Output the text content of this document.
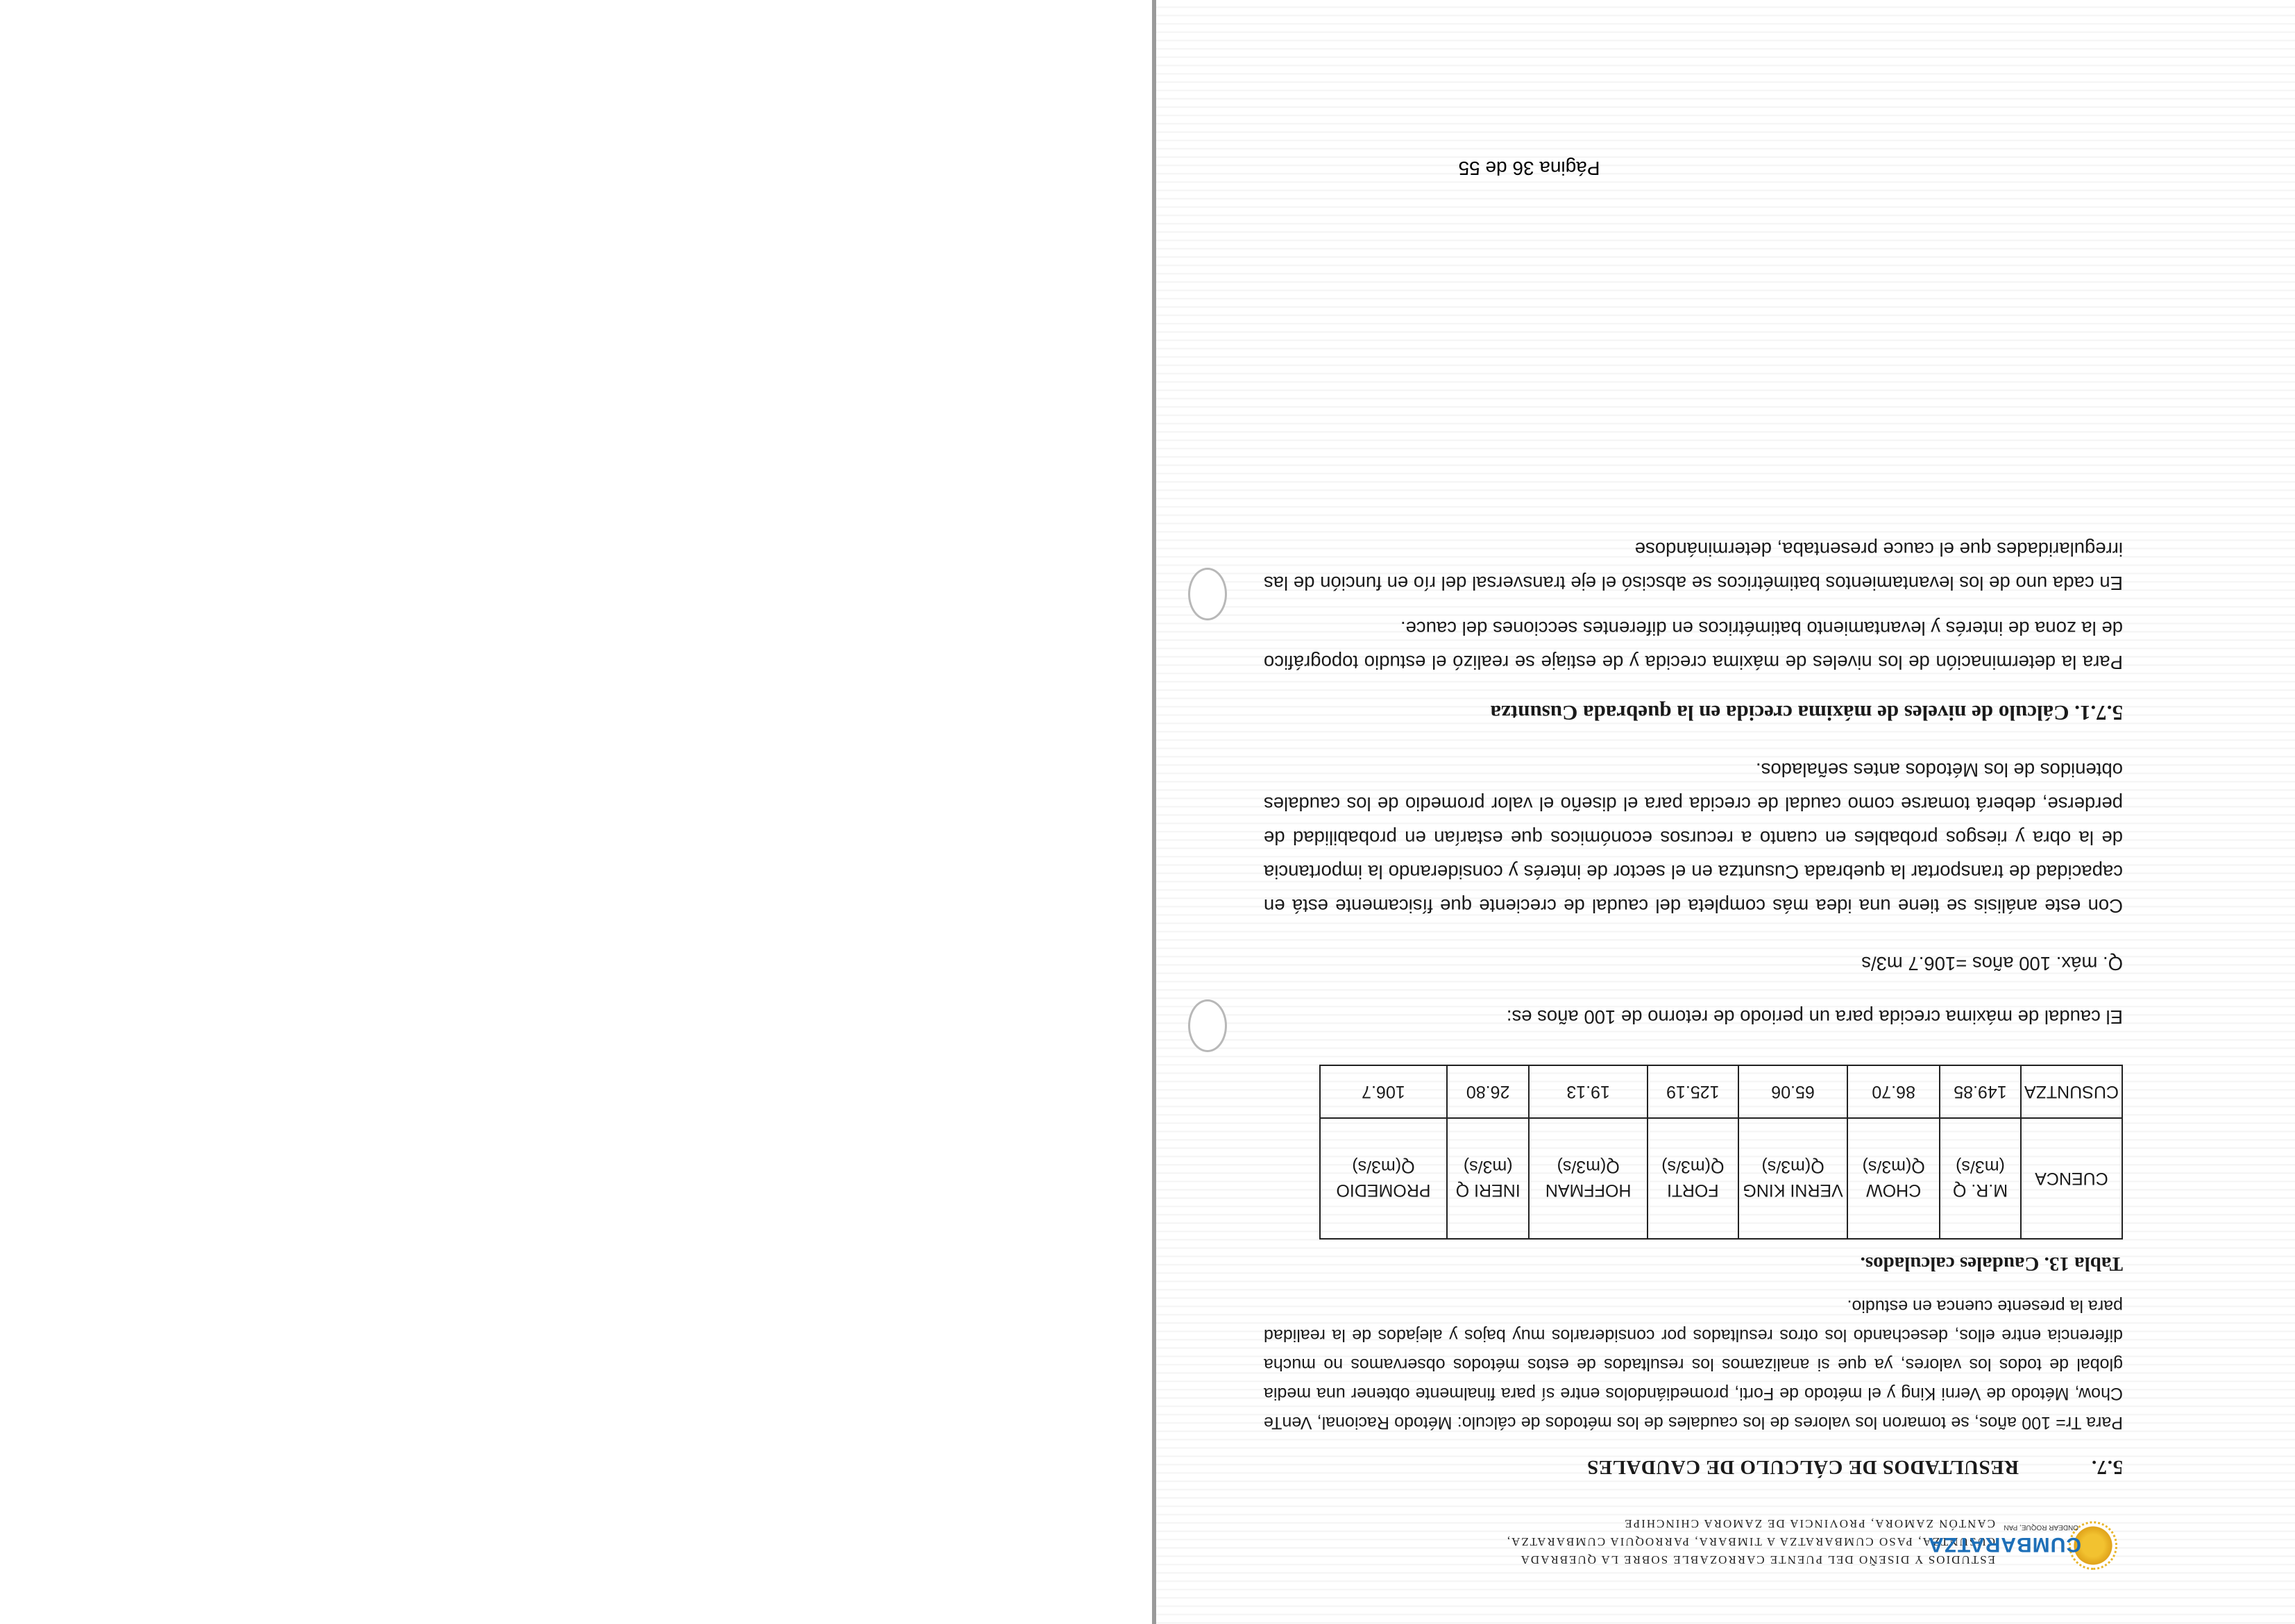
CUMBARATZA
ONDEAR ROQUE, PAN
ESTUDIOS Y DISEÑO DEL PUENTE CARROZABLE SOBRE LA QUEBRADA
CUSUNTZA, PASO CUMBARATZA A TIMBARA, PARROQUIA CUMBARATZA,
CANTÓN ZAMORA, PROVINCIA DE ZAMORA CHINCHIPE
5.7.RESULTADOS DE CÁLCULO DE CAUDALES

Para Tr= 100 años, se tomaron los valores de los caudales de los métodos de cálculo: Método Racional, VenTe Chow, Método de Verni King y el método de Forti, promediándolos entre sí para finalmente obtener una media global de todos los valores, ya que si analizamos los resultados de estos métodos observamos no mucha diferencia entre ellos, desechando los otros resultados por considerarlos muy bajos y alejados de la realidad para la presente cuenca en estudio.

Tabla 13. Caudales calculados.
CUENCA	M.R. Q (m3/s)	CHOW Q(m3/s)	VERNI KING Q(m3/s)	FORTI Q(m3/s)	HOFFMAN Q(m3/s)	INERI Q (m3/s)	PROMEDIO Q(m3/s)
CUSUNTZA	149.85	86.70	65.06	125.19	19.13	26.80	106.7

El caudal de máxima crecida para un periodo de retorno de 100 años es:

Q. máx. 100 años =106.7 m3/s

Con este análisis se tiene una idea más completa del caudal de creciente que físicamente está en capacidad de transportar la quebrada Cusuntza en el sector de interés y considerando la importancia de la obra y riesgos probables en cuanto a recursos económicos que estarían en probabilidad de perderse, deberá tomarse como caudal de crecida para el diseño el valor promedio de los caudales obtenidos de los Métodos antes señalados.

5.7.1. Cálculo de niveles de máxima crecida en la quebrada Cusuntza

Para la determinación de los niveles de máxima crecida y de estiaje se realizó el estudio topográfico de la zona de interés y levantamiento batimétricos en diferentes secciones del cauce.

En cada uno de los levantamientos batimétricos se abscisó el eje transversal del río en función de las irregularidades que el cauce presentaba, determinándose

Página 36 de 55
